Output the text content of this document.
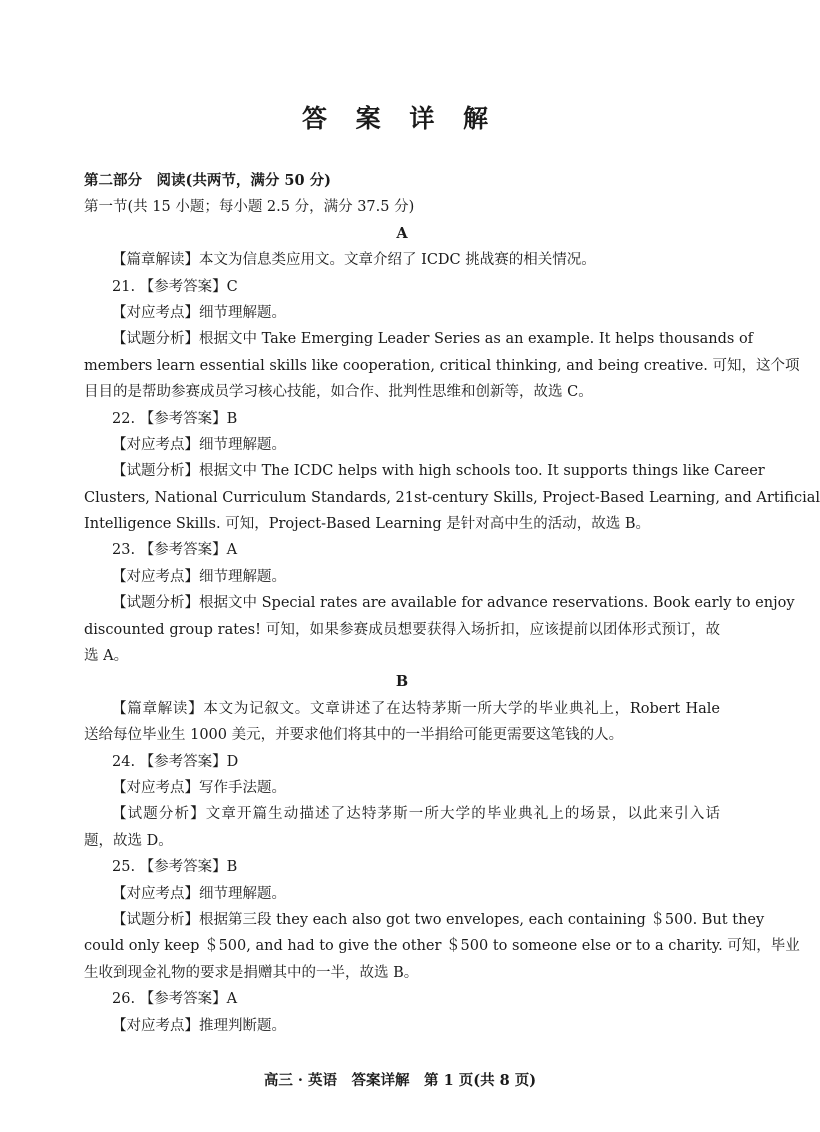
答 案 详 解
第二部分　阅读(共两节，满分 50 分)
第一节(共 15 小题；每小题 2.5 分，满分 37.5 分)
A
【篇章解读】本文为信息类应用文。文章介绍了 ICDC 挑战赛的相关情况。
21. 【参考答案】C
【对应考点】细节理解题。
【试题分析】根据文中 Take Emerging Leader Series as an example. It helps thousands of
members learn essential skills like cooperation, critical thinking, and being creative. 可知，这个项
目目的是帮助参赛成员学习核心技能，如合作、批判性思维和创新等，故选 C。
22. 【参考答案】B
【对应考点】细节理解题。
【试题分析】根据文中 The ICDC helps with high schools too. It supports things like Career
Clusters, National Curriculum Standards, 21st-century Skills, Project-Based Learning, and Artificial
Intelligence Skills. 可知，Project-Based Learning 是针对高中生的活动，故选 B。
23. 【参考答案】A
【对应考点】细节理解题。
【试题分析】根据文中 Special rates are available for advance reservations. Book early to enjoy
discounted group rates! 可知，如果参赛成员想要获得入场折扣，应该提前以团体形式预订，故
选 A。
B
【篇章解读】本文为记叙文。文章讲述了在达特茅斯一所大学的毕业典礼上，Robert Hale
送给每位毕业生 1000 美元，并要求他们将其中的一半捐给可能更需要这笔钱的人。
24. 【参考答案】D
【对应考点】写作手法题。
【试题分析】文章开篇生动描述了达特茅斯一所大学的毕业典礼上的场景，以此来引入话
题，故选 D。
25. 【参考答案】B
【对应考点】细节理解题。
【试题分析】根据第三段 they each also got two envelopes, each containing ＄500. But they
could only keep ＄500, and had to give the other ＄500 to someone else or to a charity. 可知，毕业
生收到现金礼物的要求是捐赠其中的一半，故选 B。
26. 【参考答案】A
【对应考点】推理判断题。
高三 · 英语　答案详解　第 1 页(共 8 页)
